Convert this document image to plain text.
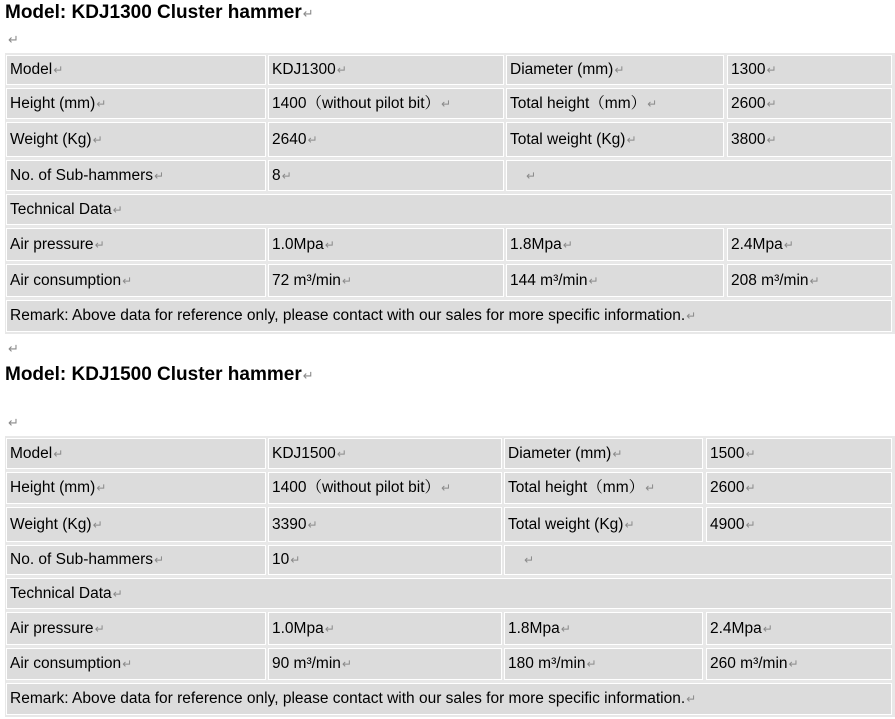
Model: KDJ1300 Cluster hammer↵
↵
Model ↵	KDJ1300 ↵	Diameter (mm) ↵	1300 ↵
Height (mm) ↵	1400（without pilot bit） ↵	Total height（mm） ↵	2600 ↵
Weight (Kg) ↵	2640 ↵	Total weight (Kg) ↵	3800 ↵
No. of Sub-hammers ↵	8 ↵	↵
Technical Data ↵
Air pressure ↵	1.0Mpa ↵	1.8Mpa ↵	2.4Mpa ↵
Air consumption ↵	72 m³/min ↵	144 m³/min ↵	208 m³/min ↵
Remark: Above data for reference only, please contact with our sales for more specific information. ↵
↵
Model: KDJ1500 Cluster hammer↵
↵
Model ↵	KDJ1500 ↵	Diameter (mm) ↵	1500 ↵
Height (mm) ↵	1400（without pilot bit） ↵	Total height（mm） ↵	2600 ↵
Weight (Kg) ↵	3390 ↵	Total weight (Kg) ↵	4900 ↵
No. of Sub-hammers ↵	10 ↵	↵
Technical Data ↵
Air pressure ↵	1.0Mpa ↵	1.8Mpa ↵	2.4Mpa ↵
Air consumption ↵	90 m³/min ↵	180 m³/min ↵	260 m³/min ↵
Remark: Above data for reference only, please contact with our sales for more specific information. ↵
